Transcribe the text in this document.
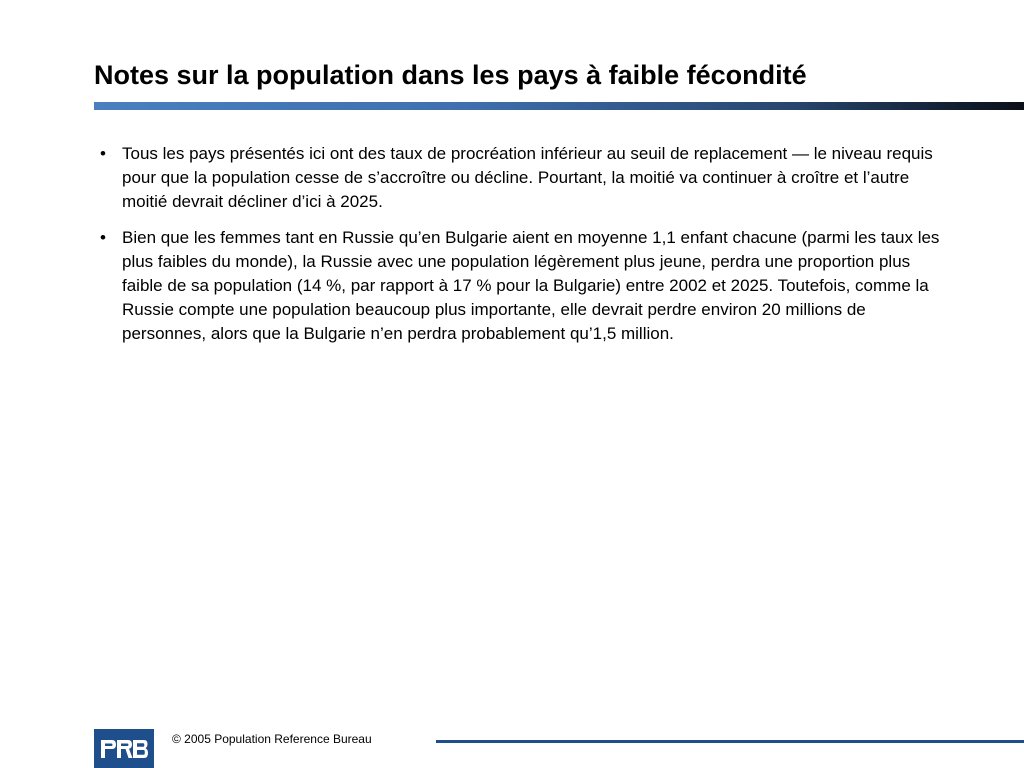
Notes sur la population dans les pays à faible fécondité
• Tous les pays présentés ici ont des taux de procréation inférieur au seuil de replacement — le niveau requis pour que la population cesse de s’accroître ou décline. Pourtant, la moitié va continuer à croître et l’autre moitié devrait décliner d’ici à 2025.
• Bien que les femmes tant en Russie qu’en Bulgarie aient en moyenne 1,1 enfant chacune (parmi les taux les plus faibles du monde), la Russie avec une population légèrement plus jeune, perdra une proportion plus faible de sa population (14 %, par rapport à 17 % pour la Bulgarie) entre 2002 et 2025. Toutefois, comme la Russie compte une population beaucoup plus importante, elle devrait perdre environ 20 millions de personnes, alors que la Bulgarie n’en perdra probablement qu’1,5 million.
© 2005 Population Reference Bureau
